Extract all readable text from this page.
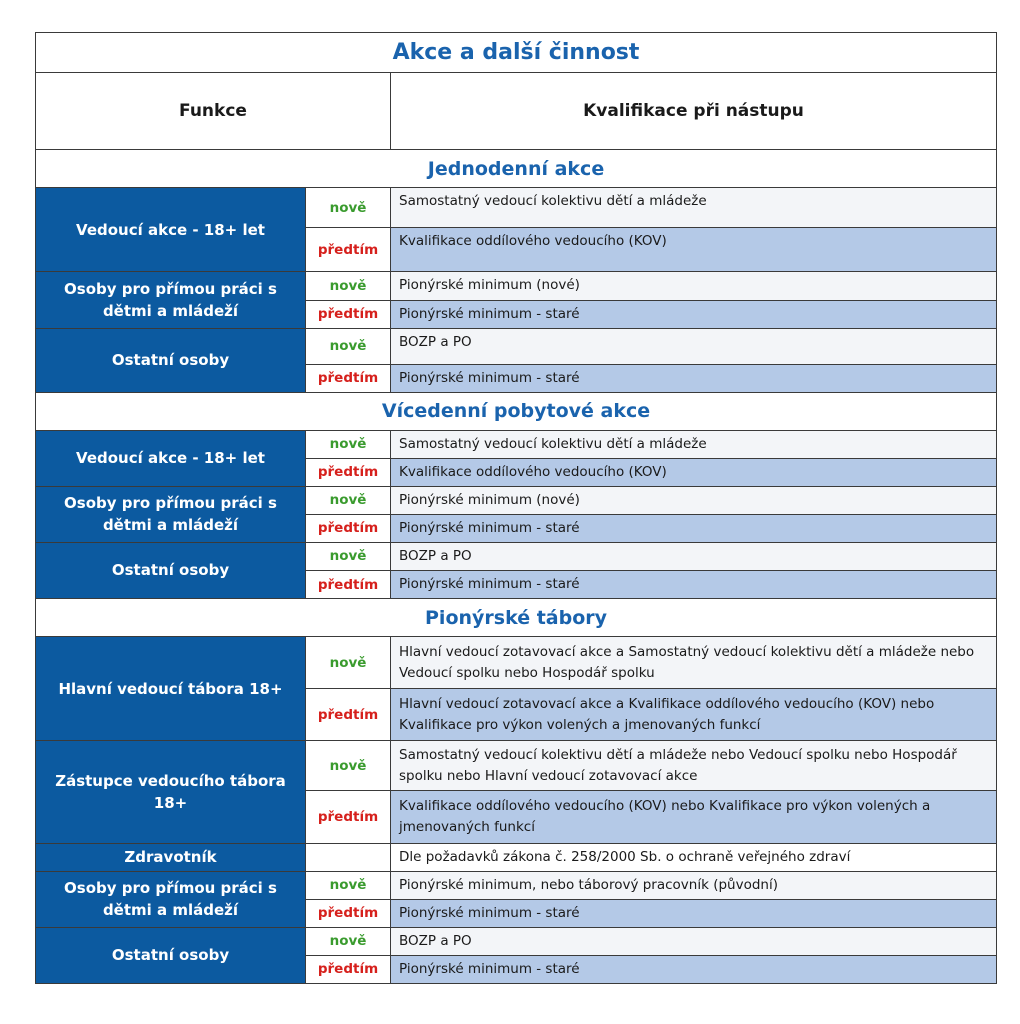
Akce a další činnost		
Funkce		Kvalifikace při nástupu
Jednodenní akce		
Vedoucí akce - 18+ let	nově	Samostatný vedoucí kolektivu dětí a mládeže
	předtím	Kvalifikace oddílového vedoucího (KOV)
Osoby pro přímou práci s dětmi a mládeží	nově	Pionýrské minimum (nové)
	předtím	Pionýrské minimum - staré
Ostatní osoby	nově	BOZP a PO
	předtím	Pionýrské minimum - staré
Vícedenní pobytové akce		
Vedoucí akce - 18+ let	nově	Samostatný vedoucí kolektivu dětí a mládeže
	předtím	Kvalifikace oddílového vedoucího (KOV)
Osoby pro přímou práci s dětmi a mládeží	nově	Pionýrské minimum (nové)
	předtím	Pionýrské minimum - staré
Ostatní osoby	nově	BOZP a PO
	předtím	Pionýrské minimum - staré
Pionýrské tábory		
Hlavní vedoucí tábora 18+	nově	Hlavní vedoucí zotavovací akce a Samostatný vedoucí kolektivu dětí a mládeže nebo Vedoucí spolku nebo Hospodář spolku
	předtím	Hlavní vedoucí zotavovací akce a Kvalifikace oddílového vedoucího (KOV) nebo Kvalifikace pro výkon volených a jmenovaných funkcí
Zástupce vedoucího tábora 18+	nově	Samostatný vedoucí kolektivu dětí a mládeže nebo Vedoucí spolku nebo Hospodář spolku nebo Hlavní vedoucí zotavovací akce
	předtím	Kvalifikace oddílového vedoucího (KOV) nebo Kvalifikace pro výkon volených a jmenovaných funkcí
Zdravotník		Dle požadavků zákona č. 258/2000 Sb. o ochraně veřejného zdraví
Osoby pro přímou práci s dětmi a mládeží	nově	Pionýrské minimum, nebo táborový pracovník (původní)
	předtím	Pionýrské minimum - staré
Ostatní osoby	nově	BOZP a PO
	předtím	Pionýrské minimum - staré
